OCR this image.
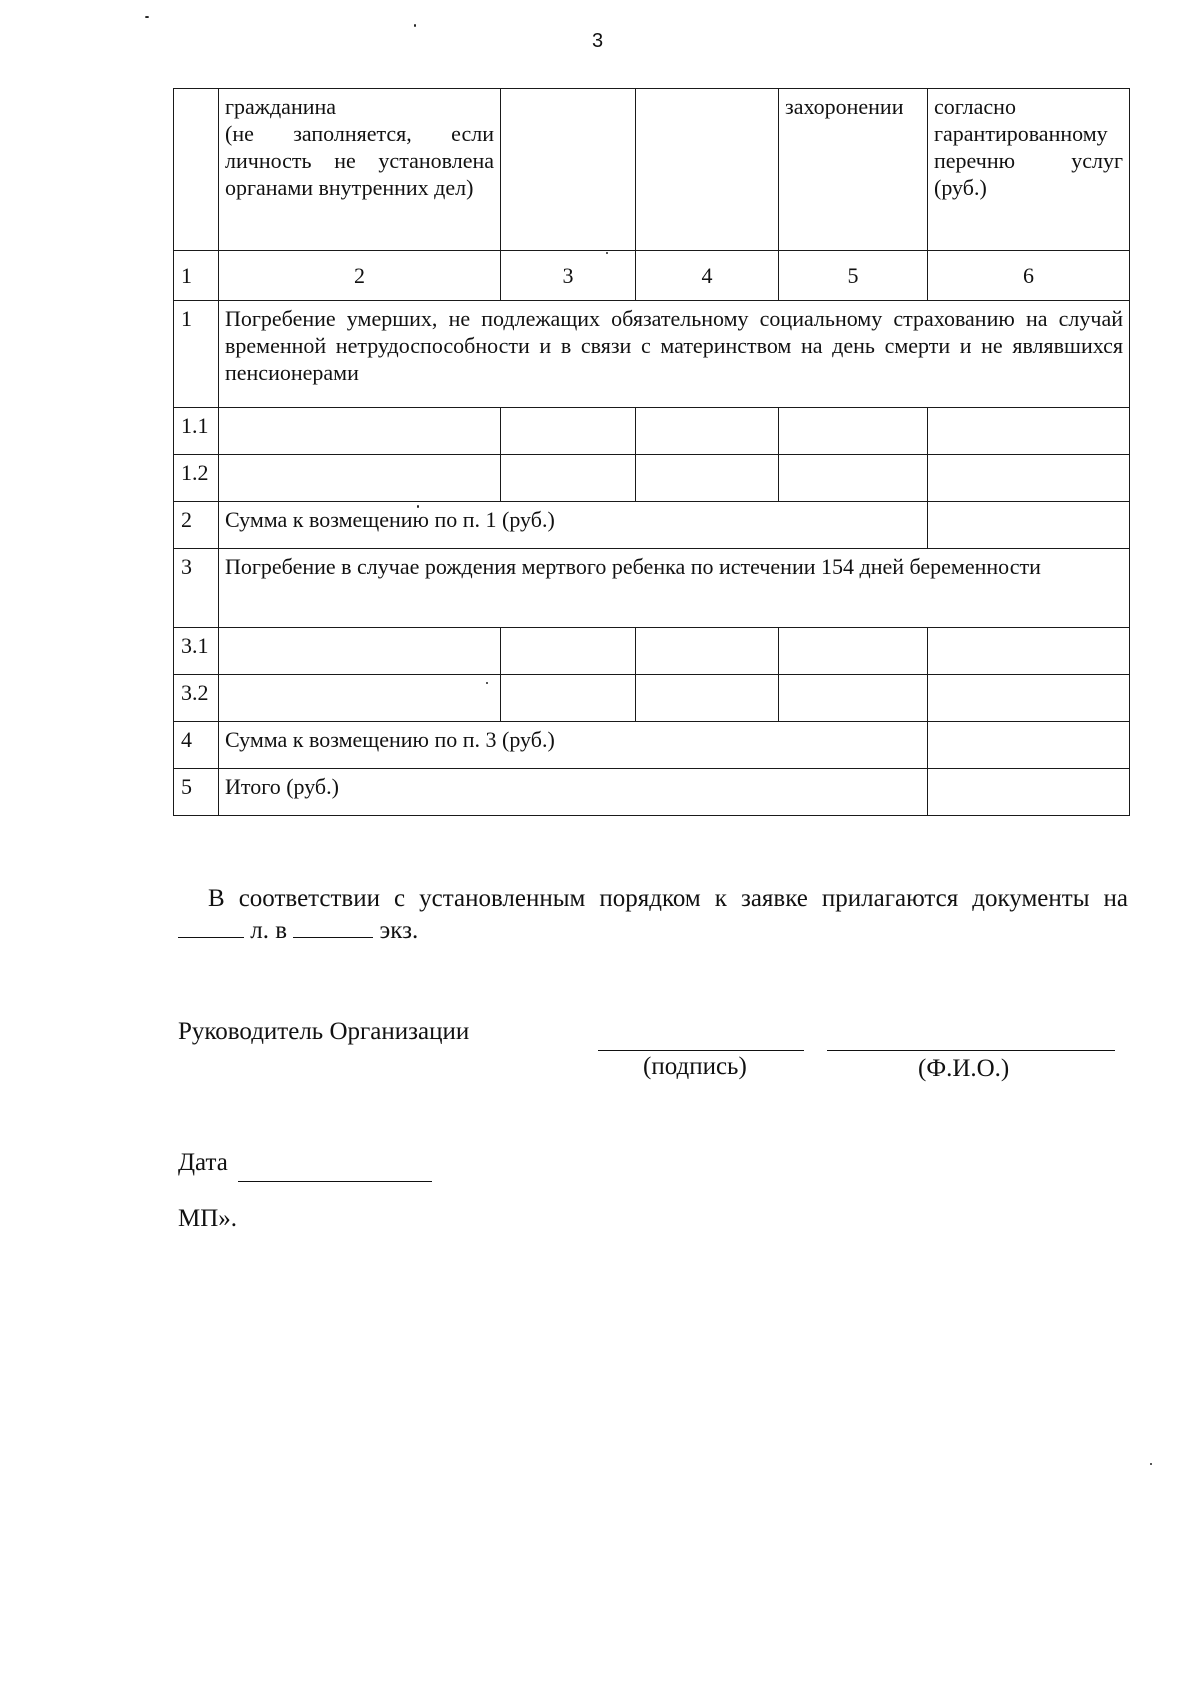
3
	гражданина
(не заполняется, если личность не установлена органами внутренних дел)			захоронении	согласно гарантированному перечню услуг (руб.)
1	2	3	4	5	6
1	Погребение умерших, не подлежащих обязательному социальному страхованию на случай временной нетрудоспособности и в связи с материнством на день смерти и не являвшихся пенсионерами				
1.1					
1.2					
2	Сумма к возмещению по п. 1 (руб.)				
3	Погребение в случае рождения мертвого ребенка по истечении 154 дней беременности				
3.1					
3.2					
4	Сумма к возмещению по п. 3 (руб.)				
5	Итого (руб.)				
В соответствии с установленным порядком к заявке прилагаются документы на  л. в	экз.
Руководитель Организации
(подпись)	(Ф.И.О.)
Дата
МП».
